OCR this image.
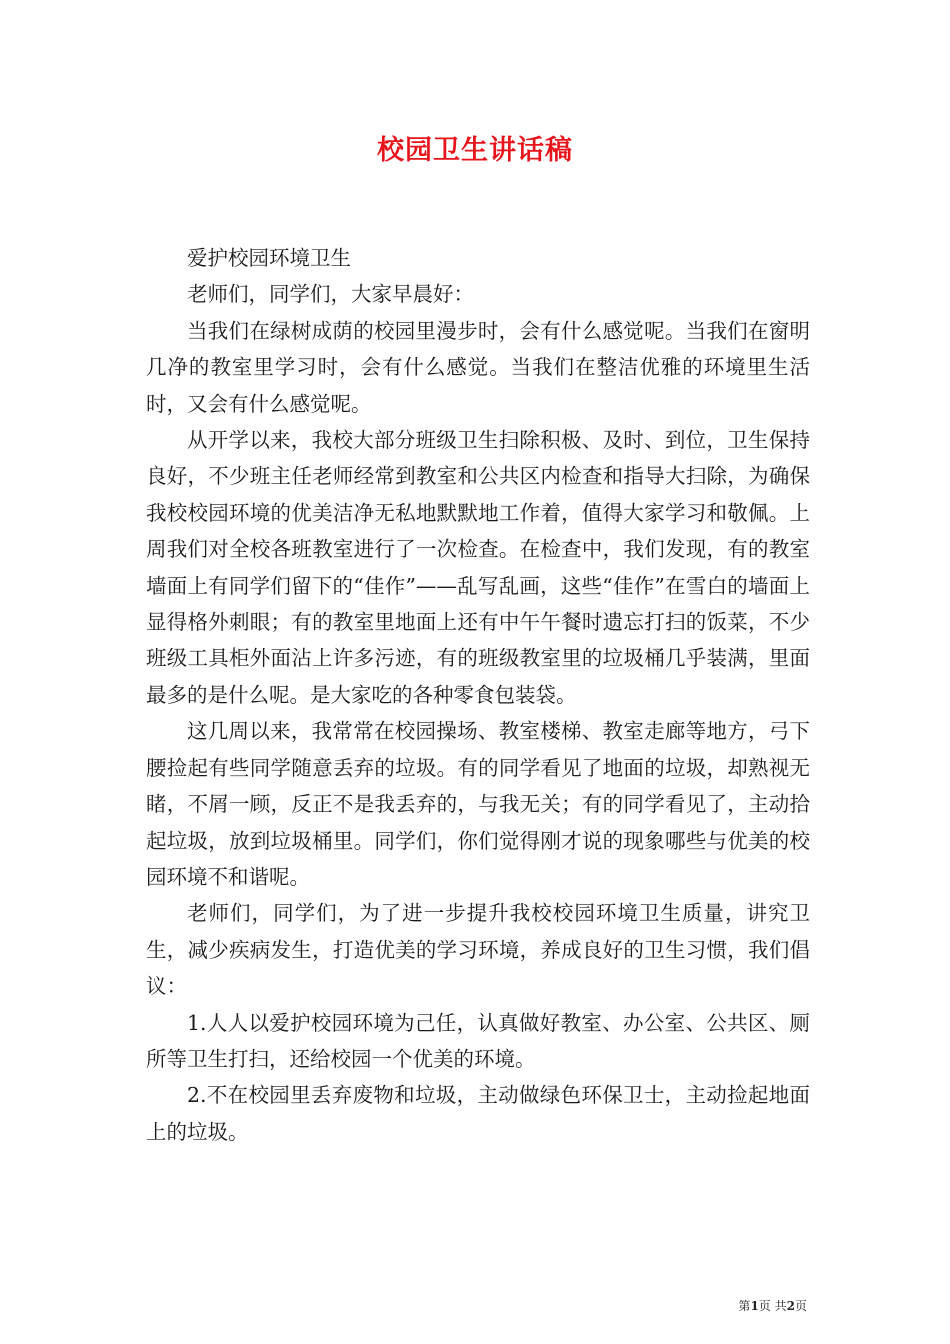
校园卫生讲话稿

爱护校园环境卫生

老师们，同学们，大家早晨好：

当我们在绿树成荫的校园里漫步时，会有什么感觉呢。当我们在窗明几净的教室里学习时，会有什么感觉。当我们在整洁优雅的环境里生活时，又会有什么感觉呢。

从开学以来，我校大部分班级卫生扫除积极、及时、到位，卫生保持良好，不少班主任老师经常到教室和公共区内检查和指导大扫除，为确保我校校园环境的优美洁净无私地默默地工作着，值得大家学习和敬佩。上周我们对全校各班教室进行了一次检查。在检查中，我们发现，有的教室墙面上有同学们留下的“佳作”——乱写乱画，这些“佳作”在雪白的墙面上显得格外刺眼；有的教室里地面上还有中午午餐时遗忘打扫的饭菜，不少班级工具柜外面沾上许多污迹，有的班级教室里的垃圾桶几乎装满，里面最多的是什么呢。是大家吃的各种零食包装袋。

这几周以来，我常常在校园操场、教室楼梯、教室走廊等地方，弓下腰捡起有些同学随意丢弃的垃圾。有的同学看见了地面的垃圾，却熟视无睹，不屑一顾，反正不是我丢弃的，与我无关；有的同学看见了，主动拾起垃圾，放到垃圾桶里。同学们，你们觉得刚才说的现象哪些与优美的校园环境不和谐呢。

老师们，同学们，为了进一步提升我校校园环境卫生质量，讲究卫生，减少疾病发生，打造优美的学习环境，养成良好的卫生习惯，我们倡议：

1.人人以爱护校园环境为己任，认真做好教室、办公室、公共区、厕所等卫生打扫，还给校园一个优美的环境。

2.不在校园里丢弃废物和垃圾，主动做绿色环保卫士，主动捡起地面上的垃圾。

第1页 共2页
